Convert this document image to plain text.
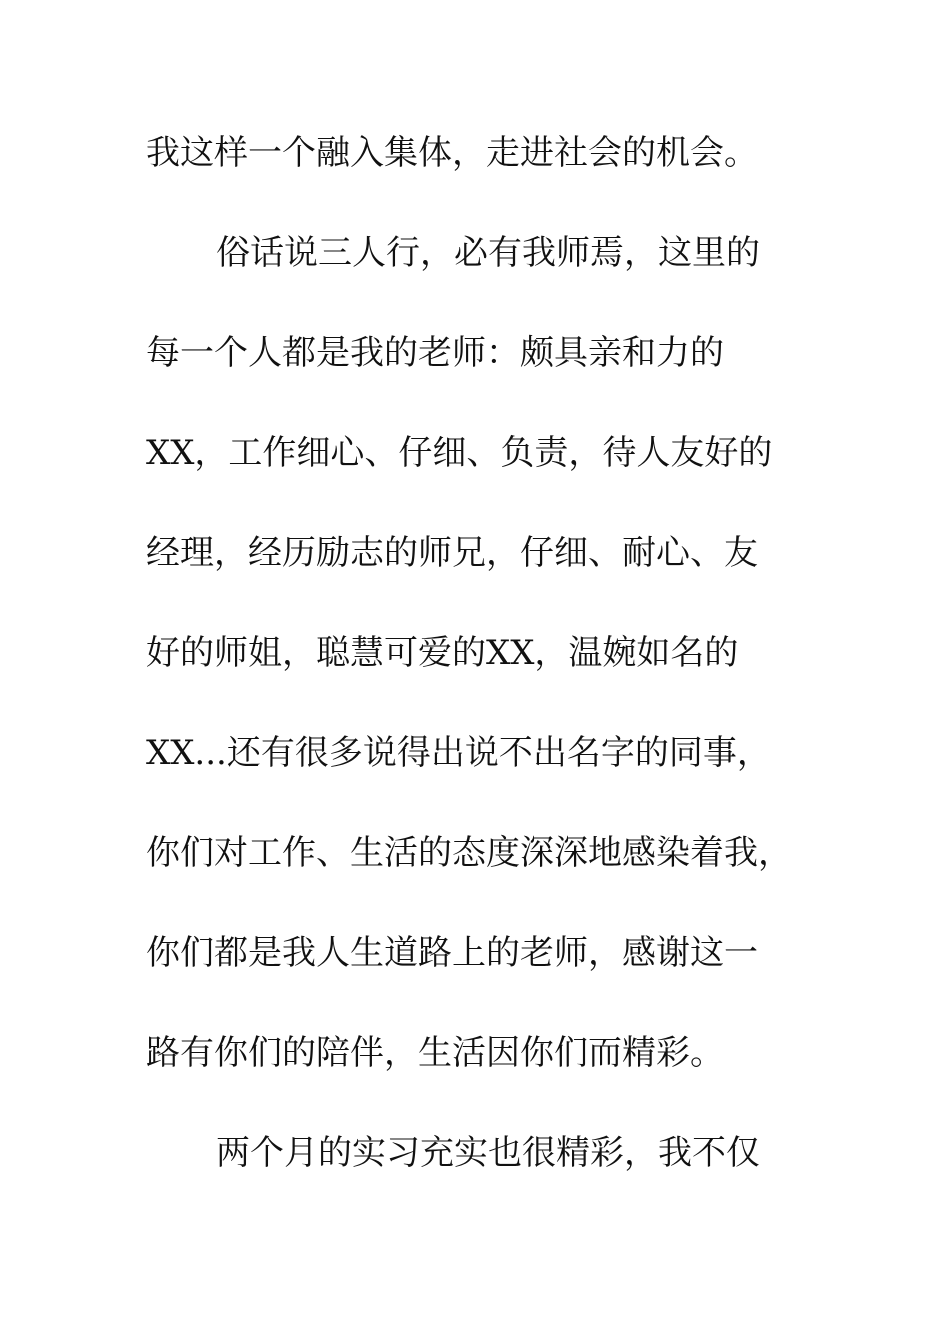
我这样一个融入集体，走进社会的机会。
俗话说三人行，必有我师焉，这里的
每一个人都是我的老师：颇具亲和力的
XX，工作细心、仔细、负责，待人友好的
经理，经历励志的师兄，仔细、耐心、友
好的师姐，聪慧可爱的XX，温婉如名的
XX...还有很多说得出说不出名字的同事，
你们对工作、生活的态度深深地感染着我，
你们都是我人生道路上的老师，感谢这一
路有你们的陪伴，生活因你们而精彩。
两个月的实习充实也很精彩，我不仅
